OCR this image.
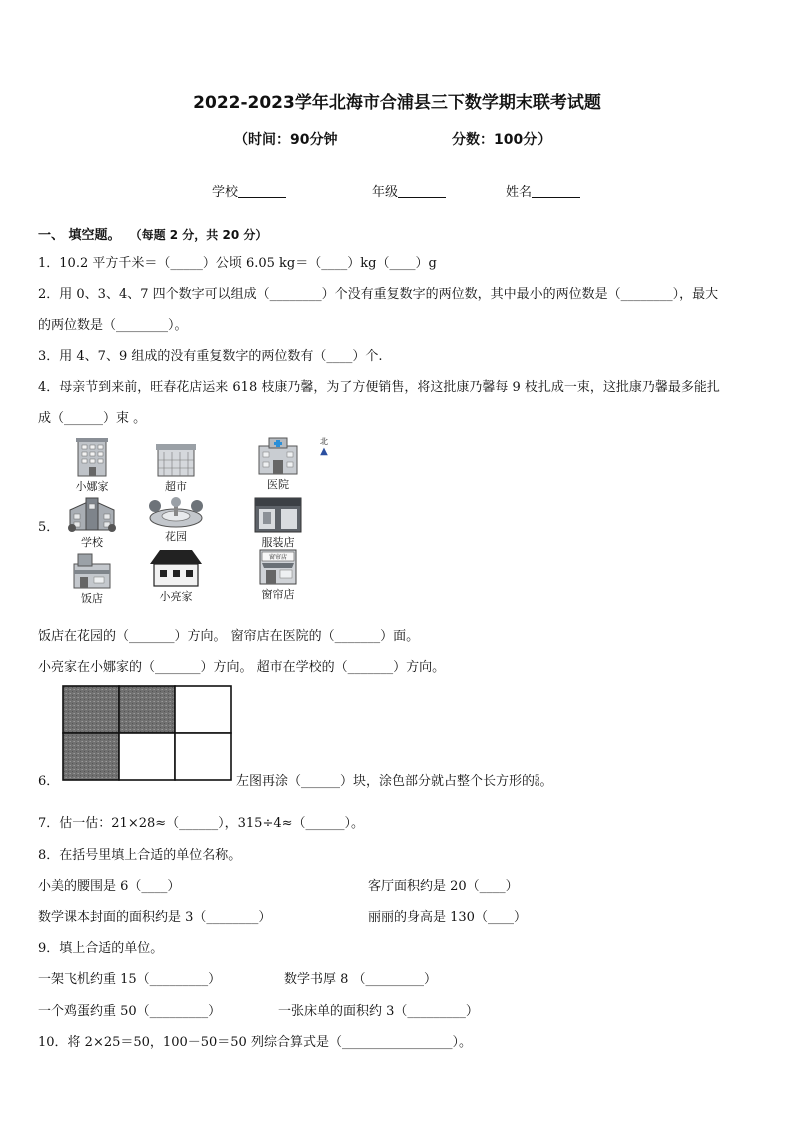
2022-2023学年北海市合浦县三下数学期末联考试题
（时间：90分钟	分数：100分）
学校	年级	姓名
一、 填空题。 （每题 2 分，共 20 分）
1．10.2 平方千米＝（_____）公顷 6.05 kg＝（____）kg（____）g
2．用 0、3、4、7 四个数字可以组成（________）个没有重复数字的两位数，其中最小的两位数是（________），最大
的两位数是（________）。
3．用 4、7、9 组成的没有重复数字的两位数有（____）个.
4．母亲节到来前，旺春花店运来 618 枝康乃馨，为了方便销售，将这批康乃馨每 9 枝扎成一束，这批康乃馨最多能扎
成（______）束 。
5．
北
▲
小娜家	超市	医院
学校	花园	服装店
饭店	小亮家
窗帘店
窗帘店
饭店在花园的（_______）方向。 窗帘店在医院的（_______）面。
小亮家在小娜家的（_______）方向。 超市在学校的（_______）方向。
6．	左图再涂（______）块，涂色部分就占整个长方形的 5
6 。
7．估一估：21×28≈（______），315÷4≈（______）。
8．在括号里填上合适的单位名称。
小美的腰围是 6（____）	客厅面积约是 20（____）
数学课本封面的面积约是 3（________）	丽丽的身高是 130（____）
9．填上合适的单位。
一架飞机约重 15（_________）	数学书厚 8 （_________）
一个鸡蛋约重 50（_________）	一张床单的面积约 3（_________）
10．将 2×25＝50，100－50＝50 列综合算式是（_________________）。
